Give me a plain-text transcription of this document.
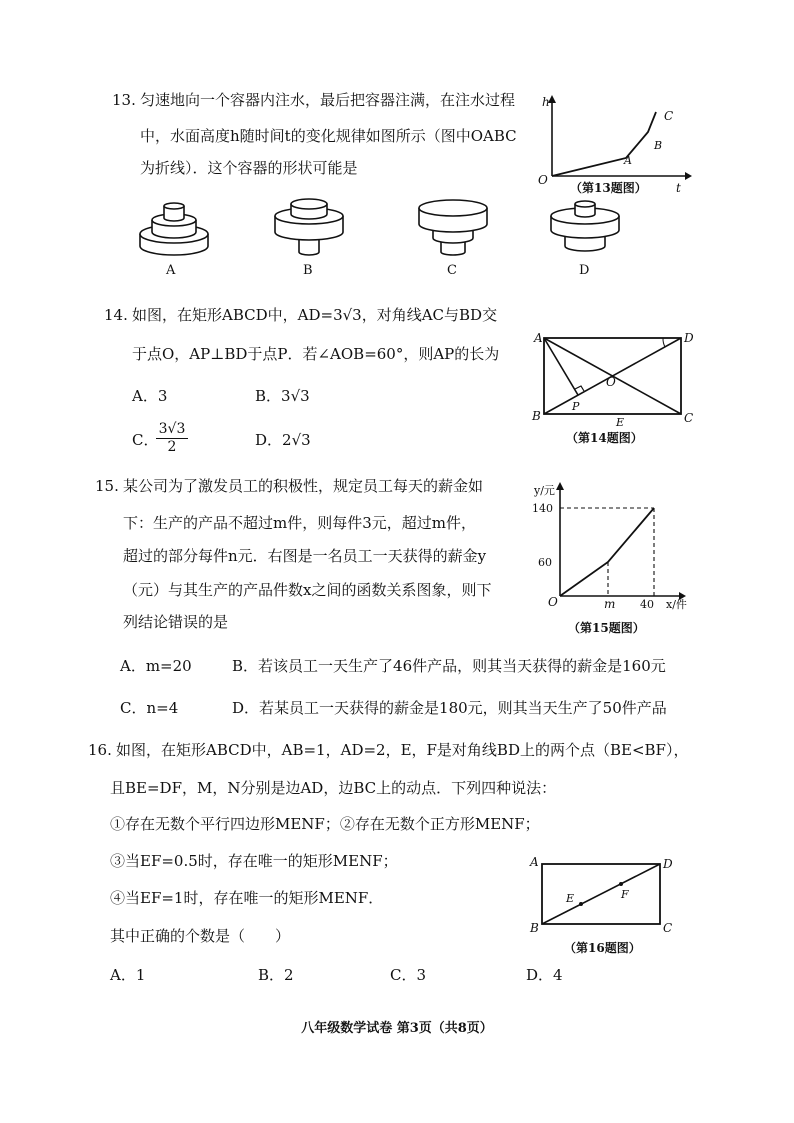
13. 匀速地向一个容器内注水，最后把容器注满，在注水过程
中，水面高度h随时间t的变化规律如图所示（图中OABC
为折线）．这个容器的形状可能是
h
O
A
B
C
t
（第13题图）
A	B	C	D
14. 如图，在矩形ABCD中，AD=3√3，对角线AC与BD交
于点O，AP⊥BD于点P．若∠AOB=60°，则AP的长为
A．3	B．3√3
C．
$\frac{3√3}{2}$	D．2√3
A
B	C
D
O
P
E
（第14题图）
15. 某公司为了激发员工的积极性，规定员工每天的薪金如
下：生产的产品不超过m件，则每件3元，超过m件，
超过的部分每件n元．右图是一名员工一天获得的薪金y
（元）与其生产的产品件数x之间的函数关系图象，则下
列结论错误的是
A．m=20	B．若该员工一天生产了46件产品，则其当天获得的薪金是160元
C．n=4	D．若某员工一天获得的薪金是180元，则其当天生产了50件产品
y/元
140
60
O	m 40 x/件
（第15题图）
16. 如图，在矩形ABCD中，AB=1，AD=2，E，F是对角线BD上的两个点（BE<BF），
且BE=DF，M，N分别是边AD，边BC上的动点．下列四种说法：
①存在无数个平行四边形MENF；②存在无数个正方形MENF；
③当EF=0.5时，存在唯一的矩形MENF；
④当EF=1时，存在唯一的矩形MENF．
其中正确的个数是（　　）
A．1	B．2	C．3	D．4
A
B	C
D
E	F
（第16题图）
八年级数学试卷 第3页（共8页）
